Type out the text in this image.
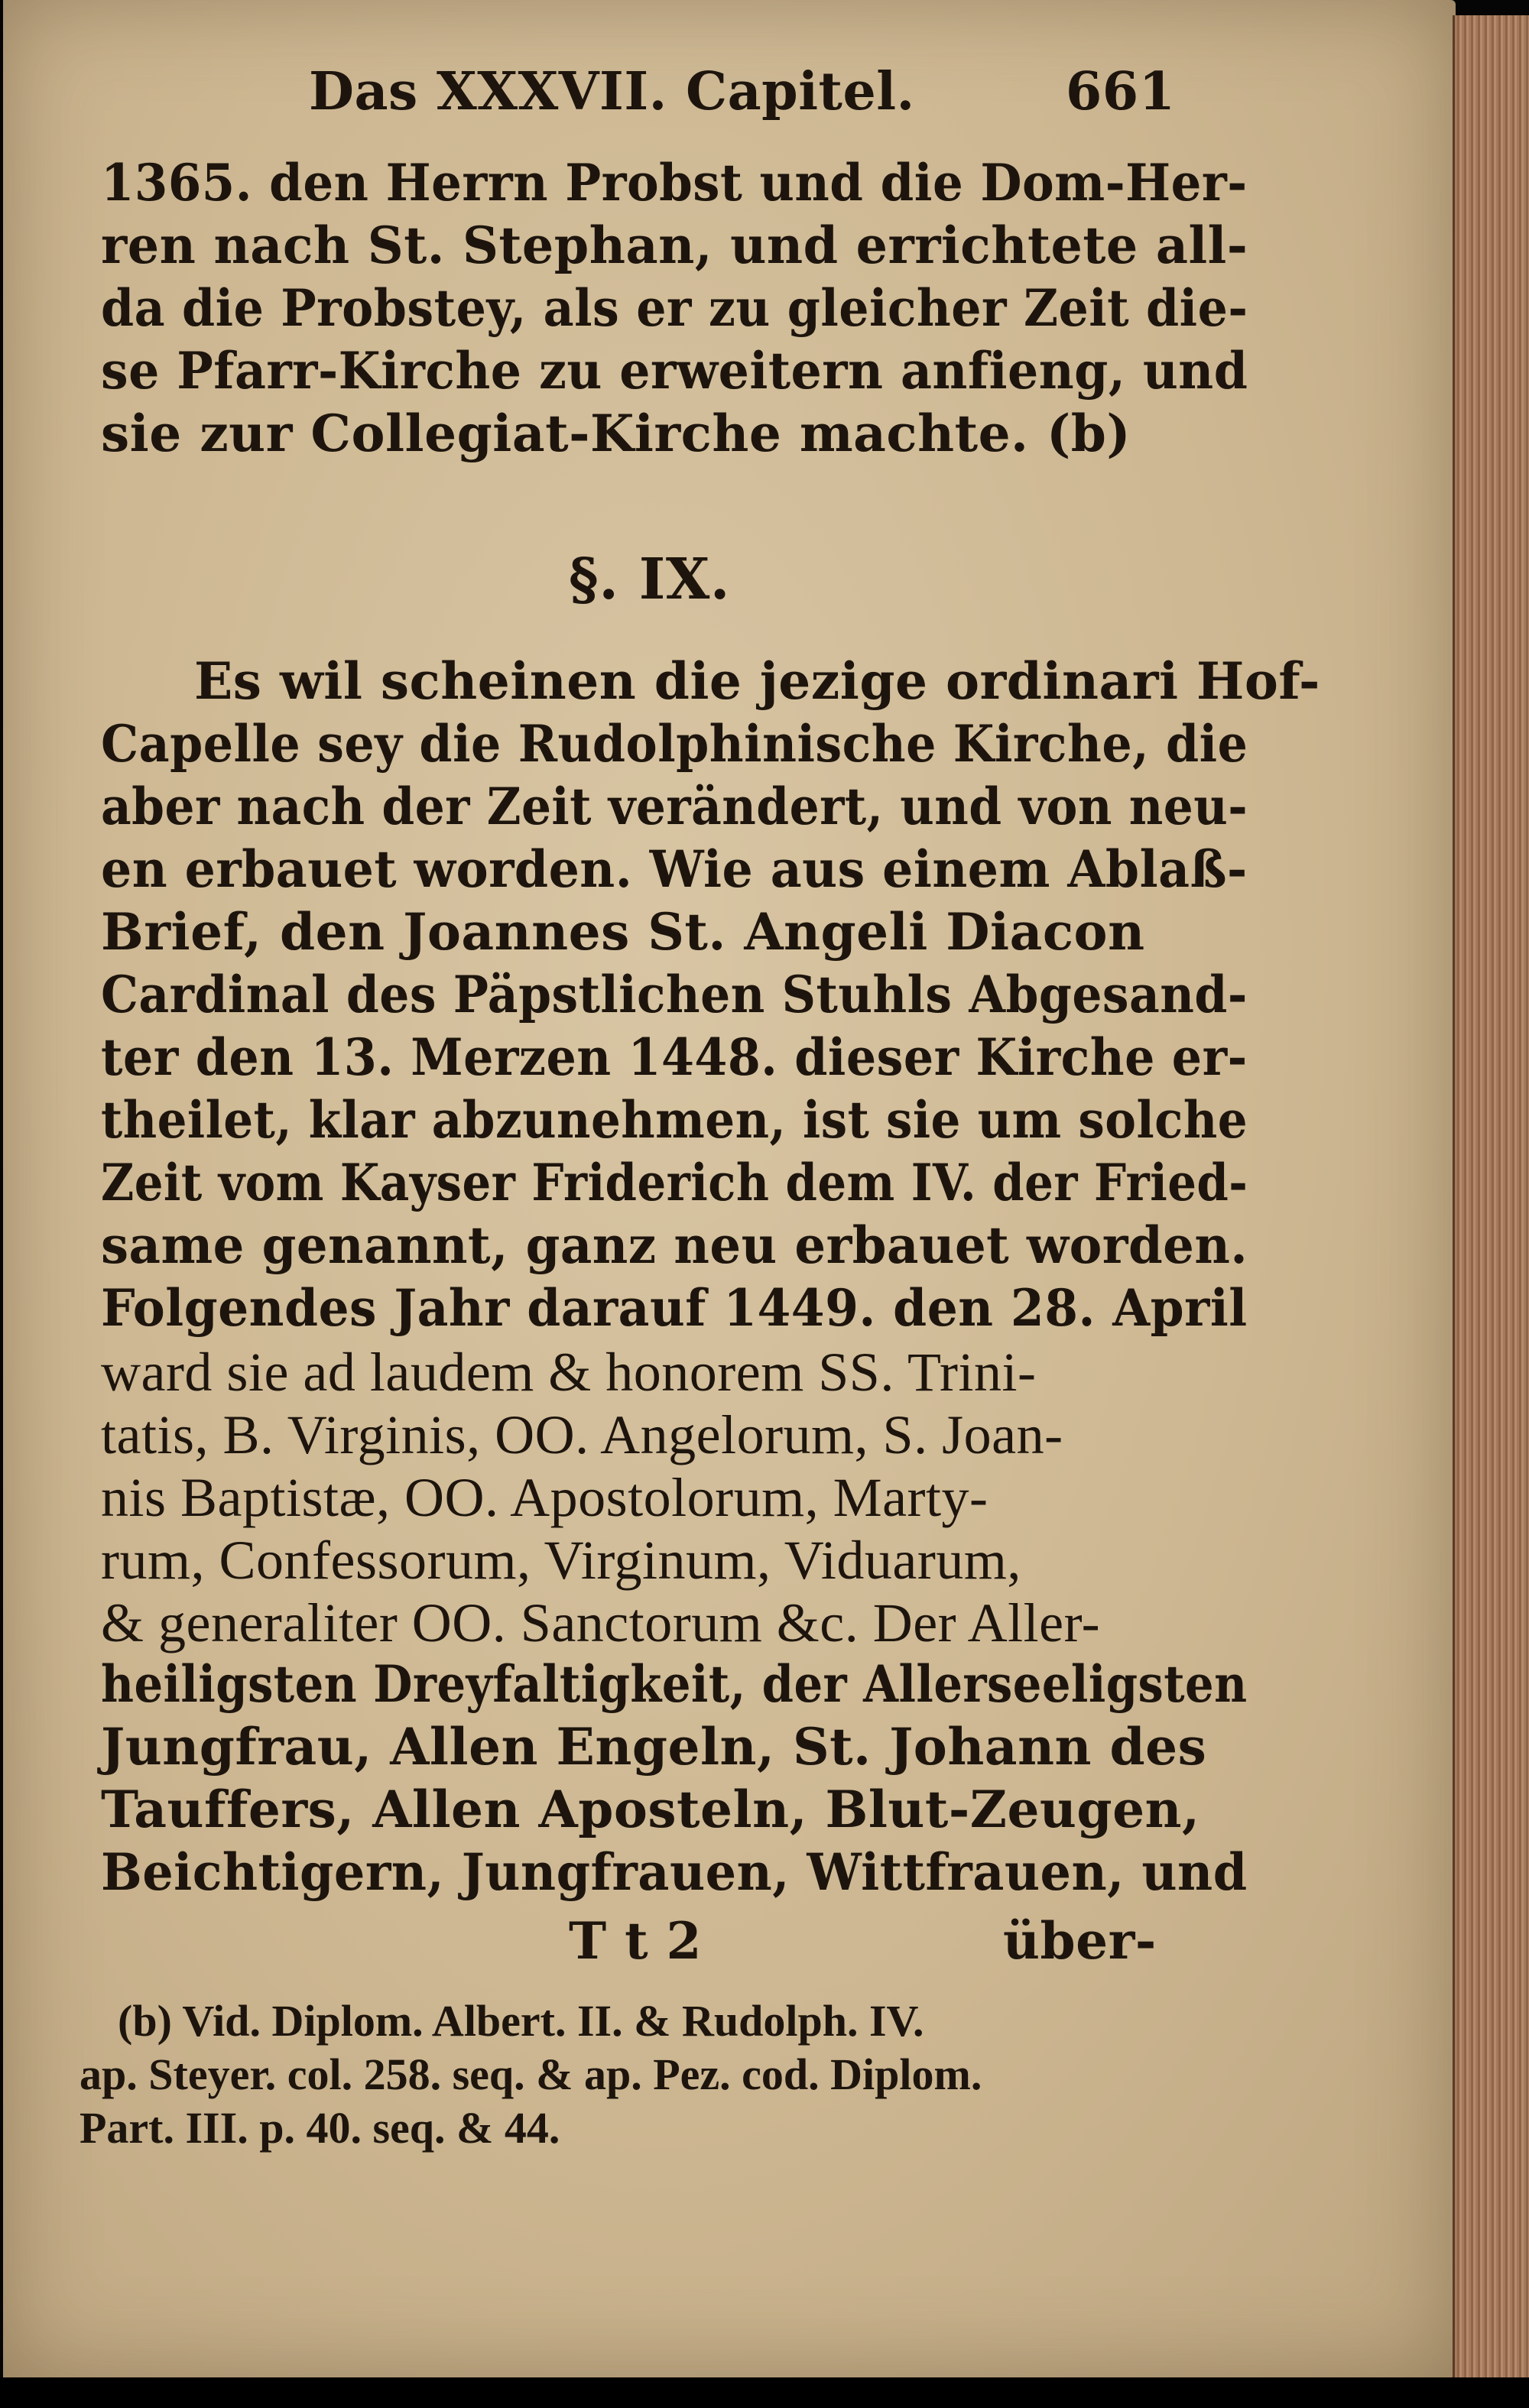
Das XXXVII. Capitel.	661
1365. den Herrn Probst und die Dom-Her-
ren nach St. Stephan, und errichtete all-
da die Probstey, als er zu gleicher Zeit die-
se Pfarr-Kirche zu erweitern anfieng, und
sie zur Collegiat-Kirche machte. (b)
§. IX.
Es wil scheinen die jezige ordinari Hof-
Capelle sey die Rudolphinische Kirche, die
aber nach der Zeit verändert, und von neu-
en erbauet worden. Wie aus einem Ablaß-
Brief, den Joannes St. Angeli Diacon
Cardinal des Päpstlichen Stuhls Abgesand-
ter den 13. Merzen 1448. dieser Kirche er-
theilet, klar abzunehmen, ist sie um solche
Zeit vom Kayser Friderich dem IV. der Fried-
same genannt, ganz neu erbauet worden.
Folgendes Jahr darauf 1449. den 28. April
ward sie ad laudem & honorem SS. Trini-
tatis, B. Virginis, OO. Angelorum, S. Joan-
nis Baptistæ, OO. Apostolorum, Marty-
rum, Confessorum, Virginum, Viduarum,
& generaliter OO. Sanctorum &c. Der Aller-
heiligsten Dreyfaltigkeit, der Allerseeligsten
Jungfrau, Allen Engeln, St. Johann des
Tauffers, Allen Aposteln, Blut-Zeugen,
Beichtigern, Jungfrauen, Wittfrauen, und
T t 2	über-
(b) Vid. Diplom. Albert. II. & Rudolph. IV.
ap. Steyer. col. 258. seq. & ap. Pez. cod. Diplom.
Part. III. p. 40. seq. & 44.
